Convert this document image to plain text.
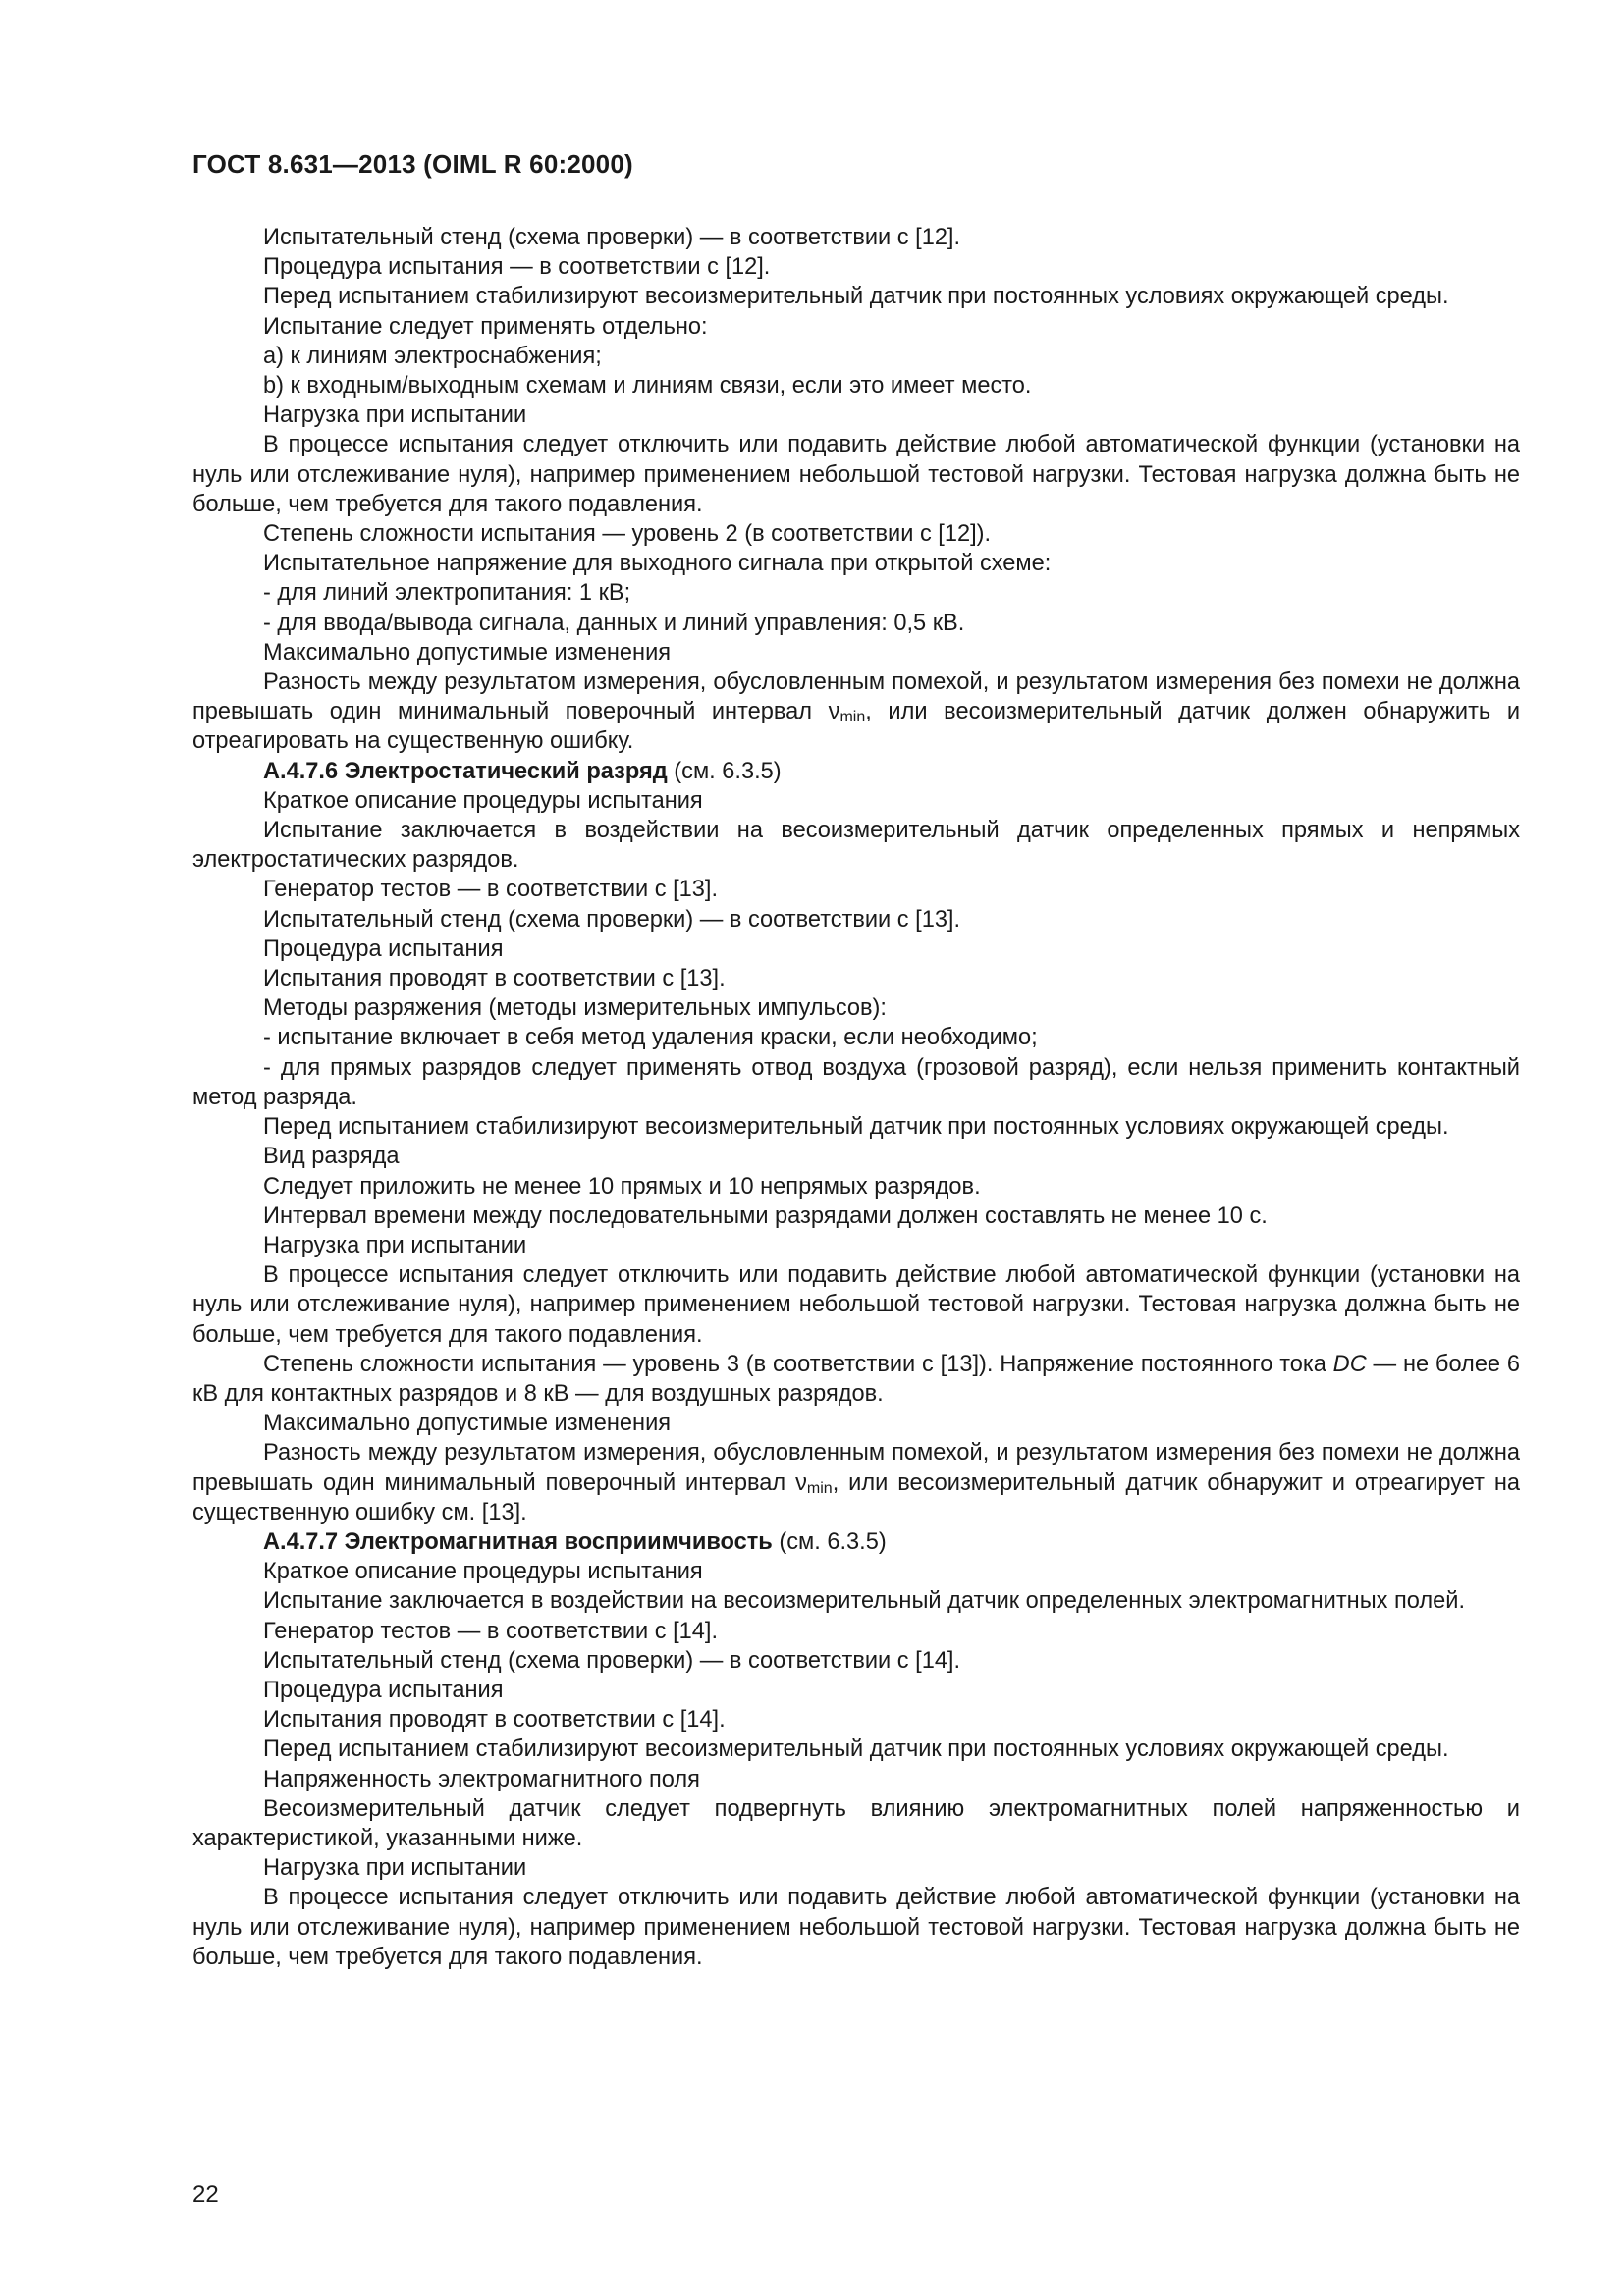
ГОСТ 8.631—2013 (OIML R 60:2000)

Испытательный стенд (схема проверки) — в соответствии с [12].

Процедура испытания — в соответствии с [12].

Перед испытанием стабилизируют весоизмерительный датчик при постоянных условиях окружающей среды.

Испытание следует применять отдельно:

a) к линиям электроснабжения;

b) к входным/выходным схемам и линиям связи, если это имеет место.

Нагрузка при испытании

В процессе испытания следует отключить или подавить действие любой автоматической функции (установки на нуль или отслеживание нуля), например применением небольшой тестовой нагрузки. Тестовая нагрузка должна быть не больше, чем требуется для такого подавления.

Степень сложности испытания — уровень 2 (в соответствии с [12]).

Испытательное напряжение для выходного сигнала при открытой схеме:

- для линий электропитания: 1 кВ;

- для ввода/вывода сигнала, данных и линий управления: 0,5 кВ.

Максимально допустимые изменения

Разность между результатом измерения, обусловленным помехой, и результатом измерения без помехи не должна превышать один минимальный поверочный интервал $\nu_{min}$, или весоизмерительный датчик должен обнаружить и отреагировать на существенную ошибку.

А.4.7.6 Электростатический разряд (см. 6.3.5)

Краткое описание процедуры испытания

Испытание заключается в воздействии на весоизмерительный датчик определенных прямых и непрямых электростатических разрядов.

Генератор тестов — в соответствии с [13].

Испытательный стенд (схема проверки) — в соответствии с [13].

Процедура испытания

Испытания проводят в соответствии с [13].

Методы разряжения (методы измерительных импульсов):

- испытание включает в себя метод удаления краски, если необходимо;

- для прямых разрядов следует применять отвод воздуха (грозовой разряд), если нельзя применить контактный метод разряда.

Перед испытанием стабилизируют весоизмерительный датчик при постоянных условиях окружающей среды.

Вид разряда

Следует приложить не менее 10 прямых и 10 непрямых разрядов.

Интервал времени между последовательными разрядами должен составлять не менее 10 с.

Нагрузка при испытании

В процессе испытания следует отключить или подавить действие любой автоматической функции (установки на нуль или отслеживание нуля), например применением небольшой тестовой нагрузки. Тестовая нагрузка должна быть не больше, чем требуется для такого подавления.

Степень сложности испытания — уровень 3 (в соответствии с [13]). Напряжение постоянного тока DC — не более 6 кВ для контактных разрядов и 8 кВ — для воздушных разрядов.

Максимально допустимые изменения

Разность между результатом измерения, обусловленным помехой, и результатом измерения без помехи не должна превышать один минимальный поверочный интервал $\nu_{min}$, или весоизмерительный датчик обнаружит и отреагирует на существенную ошибку см. [13].

А.4.7.7 Электромагнитная восприимчивость (см. 6.3.5)

Краткое описание процедуры испытания

Испытание заключается в воздействии на весоизмерительный датчик определенных электромагнитных полей.

Генератор тестов — в соответствии с [14].

Испытательный стенд (схема проверки) — в соответствии с [14].

Процедура испытания

Испытания проводят в соответствии с [14].

Перед испытанием стабилизируют весоизмерительный датчик при постоянных условиях окружающей среды.

Напряженность электромагнитного поля

Весоизмерительный датчик следует подвергнуть влиянию электромагнитных полей напряженностью и характеристикой, указанными ниже.

Нагрузка при испытании

В процессе испытания следует отключить или подавить действие любой автоматической функции (установки на нуль или отслеживание нуля), например применением небольшой тестовой нагрузки. Тестовая нагрузка должна быть не больше, чем требуется для такого подавления.

22
